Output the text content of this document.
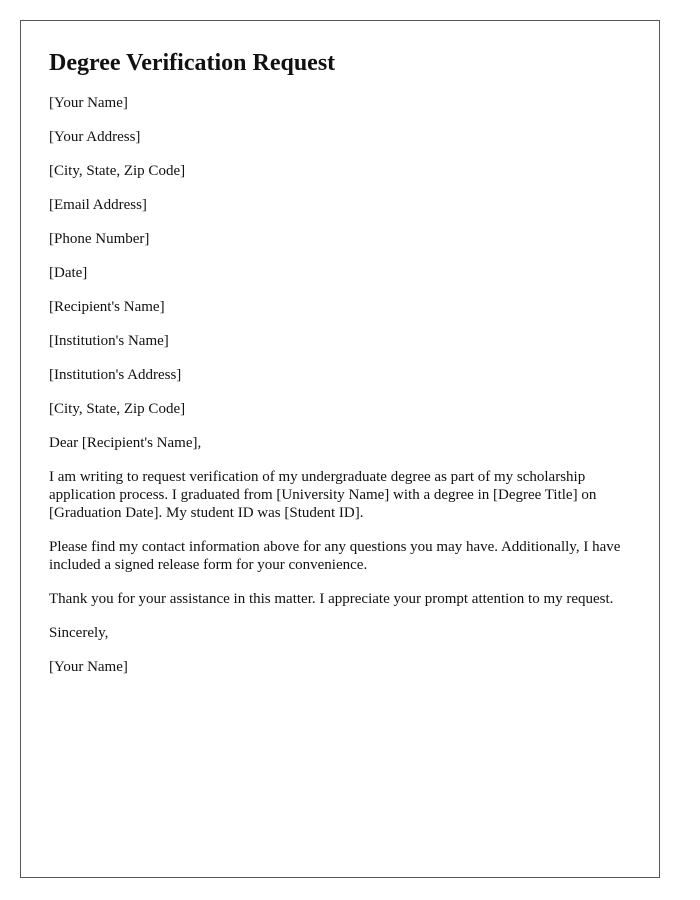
Degree Verification Request
[Your Name]
[Your Address]
[City, State, Zip Code]
[Email Address]
[Phone Number]
[Date]
[Recipient's Name]
[Institution's Name]
[Institution's Address]
[City, State, Zip Code]
Dear [Recipient's Name],

I am writing to request verification of my undergraduate degree as part of my scholarship application process. I graduated from [University Name] with a degree in [Degree Title] on [Graduation Date]. My student ID was [Student ID].

Please find my contact information above for any questions you may have. Additionally, I have included a signed release form for your convenience.

Thank you for your assistance in this matter. I appreciate your prompt attention to my request.

Sincerely,
[Your Name]
